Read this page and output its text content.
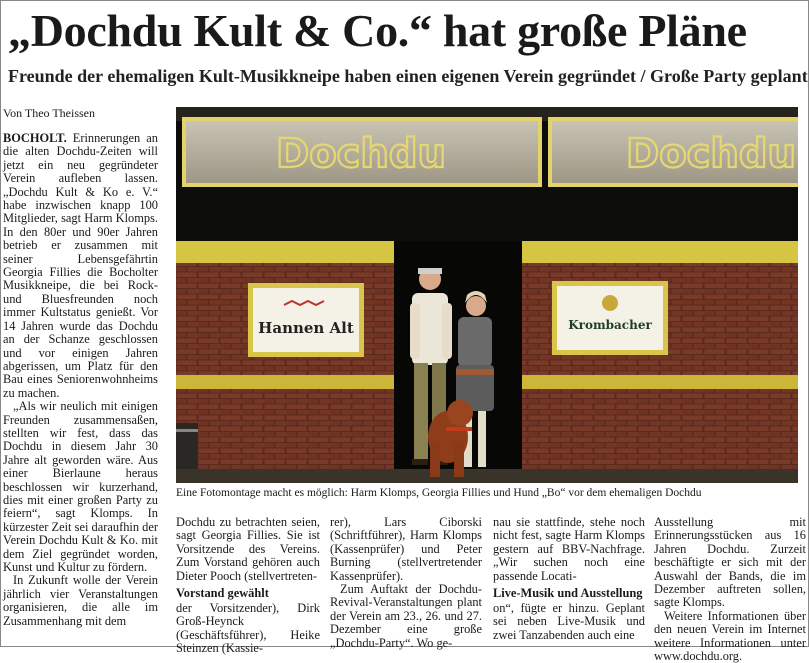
„Dochdu Kult & Co.“ hat große Pläne
Freunde der ehemaligen Kult-Musikkneipe haben einen eigenen Verein gegründet / Große Party geplant
Von Theo Theissen

BOCHOLT. Erinnerungen an die alten Dochdu-Zeiten will jetzt ein neu gegründeter Verein aufleben lassen. „Dochdu Kult & Ko e. V.“ habe inzwischen knapp 100 Mitglieder, sagt Harm Klomps. In den 80er und 90er Jahren betrieb er zusammen mit seiner Lebensgefährtin Georgia Fillies die Bocholter Musikkneipe, die bei Rock- und Bluesfreunden noch immer Kultstatus genießt. Vor 14 Jahren wurde das Dochdu an der Schanze geschlossen und vor einigen Jahren abgerissen, um Platz für den Bau eines Seniorenwohnheims zu machen.

„Als wir neulich mit einigen Freunden zusammensaßen, stellten wir fest, dass das Dochdu in diesem Jahr 30 Jahre alt geworden wäre. Aus einer Bierlaune heraus beschlossen wir kurzerhand, dies mit einer großen Party zu feiern“, sagt Klomps. In kürzester Zeit sei daraufhin der Verein Dochdu Kult & Ko. mit dem Ziel gegründet worden, Kunst und Kultur zu fördern.

In Zukunft wolle der Verein jährlich vier Veranstaltungen organisieren, die alle im Zusammenhang mit dem

Dochdu	Dochdu
Hannen Alt	Krombacher
Eine Fotomontage macht es möglich: Harm Klomps, Georgia Fillies und Hund „Bo“ vor dem ehemaligen Dochdu

Dochdu zu betrachten seien, sagt Georgia Fillies. Sie ist Vorsitzende des Vereins. Zum Vorstand gehören auch Dieter Pooch (stellvertreten-

Vorstand gewählt

der Vorsitzender), Dirk Groß-Heynck (Geschäftsführer), Heike Steinzen (Kassie-

rer), Lars Ciborski (Schriftführer), Harm Klomps (Kassenprüfer) und Peter Burning (stellvertretender Kassenprüfer).

Zum Auftakt der Dochdu-Revival-Veranstaltungen plant der Verein am 23., 26. und 27. Dezember eine große „Dochdu-Party“. Wo ge-

nau sie stattfinde, stehe noch nicht fest, sagte Harm Klomps gestern auf BBV-Nachfrage. „Wir suchen noch eine passende Locati-

Live-Musik und Ausstellung

on“, fügte er hinzu. Geplant sei neben Live-Musik und zwei Tanzabenden auch eine

Ausstellung mit Erinnerungsstücken aus 16 Jahren Dochdu. Zurzeit beschäftigte er sich mit der Auswahl der Bands, die im Dezember auftreten sollen, sagte Klomps.

Weitere Informationen über den neuen Verein im Internet weitere Informationen unter www.dochdu.org.
